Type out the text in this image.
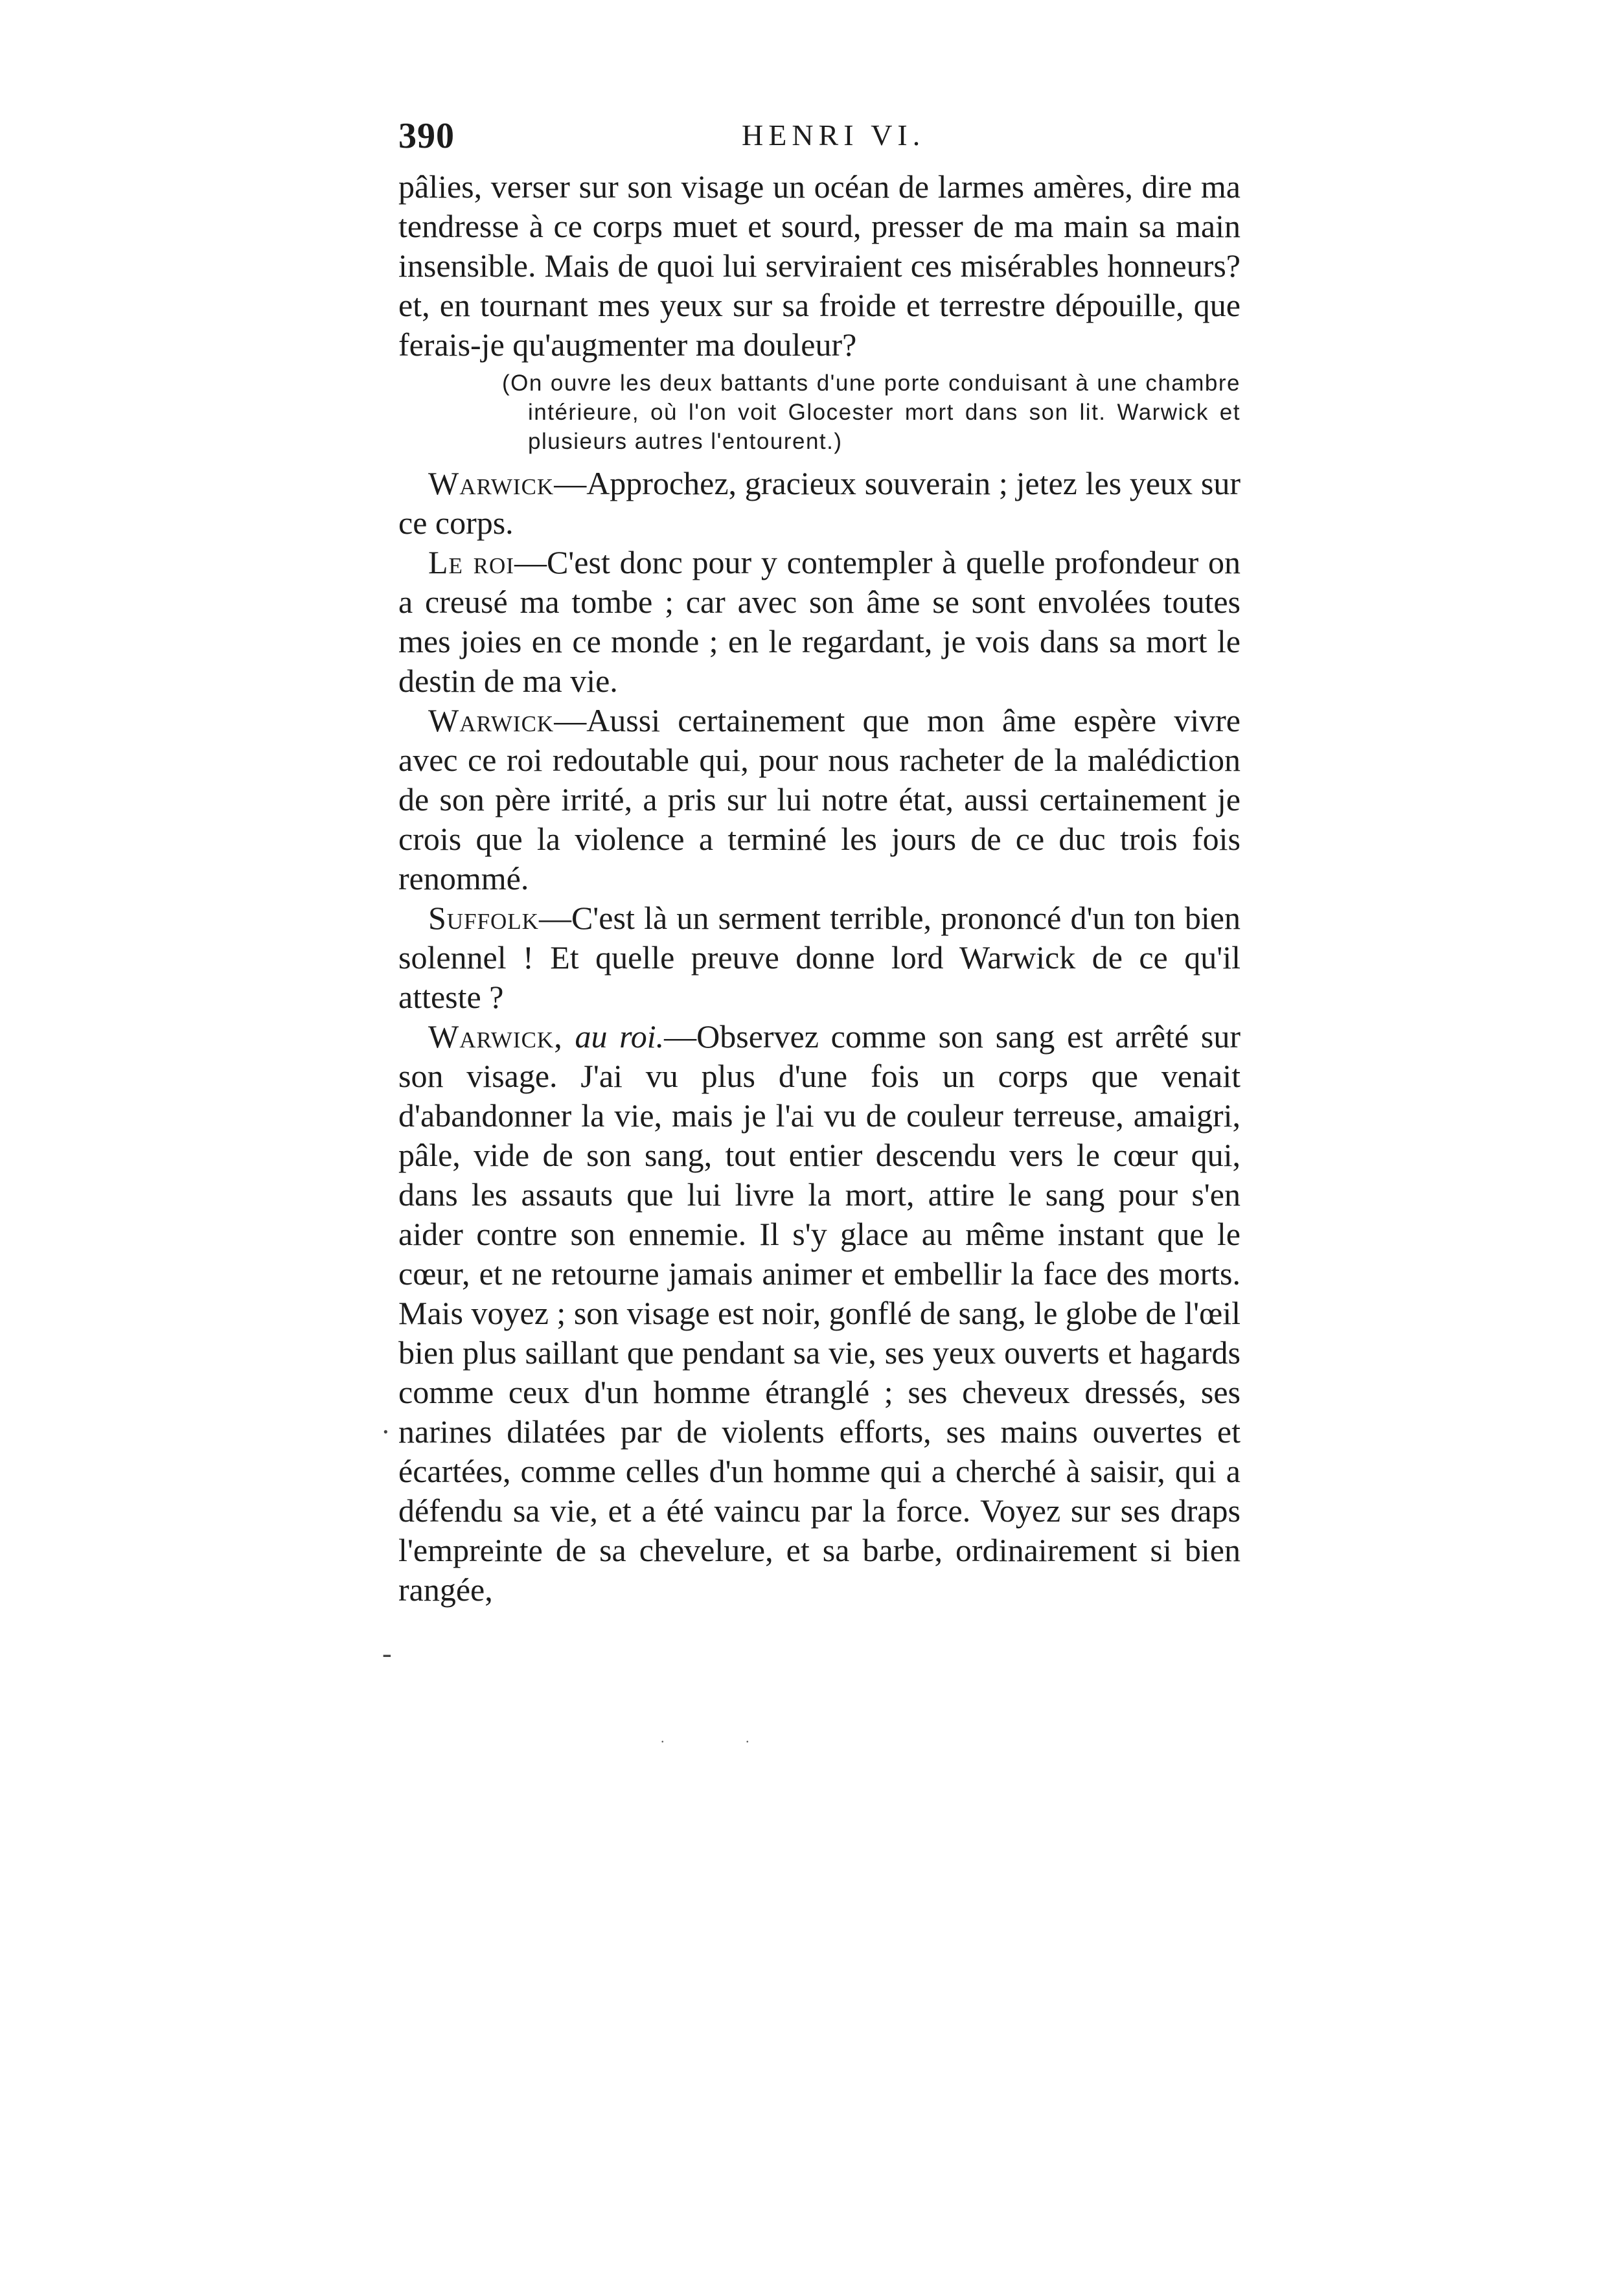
390	HENRI VI.

pâlies, verser sur son visage un océan de larmes amères, dire ma tendresse à ce corps muet et sourd, presser de ma main sa main insensible. Mais de quoi lui serviraient ces misérables honneurs? et, en tournant mes yeux sur sa froide et terrestre dépouille, que ferais-je qu'augmenter ma douleur?

(On ouvre les deux battants d'une porte conduisant à une chambre intérieure, où l'on voit Glocester mort dans son lit. Warwick et plusieurs autres l'entourent.)

Warwick—Approchez, gracieux souverain ; jetez les yeux sur ce corps.

Le roi—C'est donc pour y contempler à quelle profondeur on a creusé ma tombe ; car avec son âme se sont envolées toutes mes joies en ce monde ; en le regardant, je vois dans sa mort le destin de ma vie.

Warwick—Aussi certainement que mon âme espère vivre avec ce roi redoutable qui, pour nous racheter de la malédiction de son père irrité, a pris sur lui notre état, aussi certainement je crois que la violence a terminé les jours de ce duc trois fois renommé.

Suffolk—C'est là un serment terrible, prononcé d'un ton bien solennel ! Et quelle preuve donne lord Warwick de ce qu'il atteste ?

Warwick, au roi.—Observez comme son sang est arrêté sur son visage. J'ai vu plus d'une fois un corps que venait d'abandonner la vie, mais je l'ai vu de couleur terreuse, amaigri, pâle, vide de son sang, tout entier descendu vers le cœur qui, dans les assauts que lui livre la mort, attire le sang pour s'en aider contre son ennemie. Il s'y glace au même instant que le cœur, et ne retourne jamais animer et embellir la face des morts. Mais voyez ; son visage est noir, gonflé de sang, le globe de l'œil bien plus saillant que pendant sa vie, ses yeux ouverts et hagards comme ceux d'un homme étranglé ; ses cheveux dressés, ses narines dilatées par de violents efforts, ses mains ouvertes et écartées, comme celles d'un homme qui a cherché à saisir, qui a défendu sa vie, et a été vaincu par la force. Voyez sur ses draps l'empreinte de sa chevelure, et sa barbe, ordinairement si bien rangée,

·
-
. .
